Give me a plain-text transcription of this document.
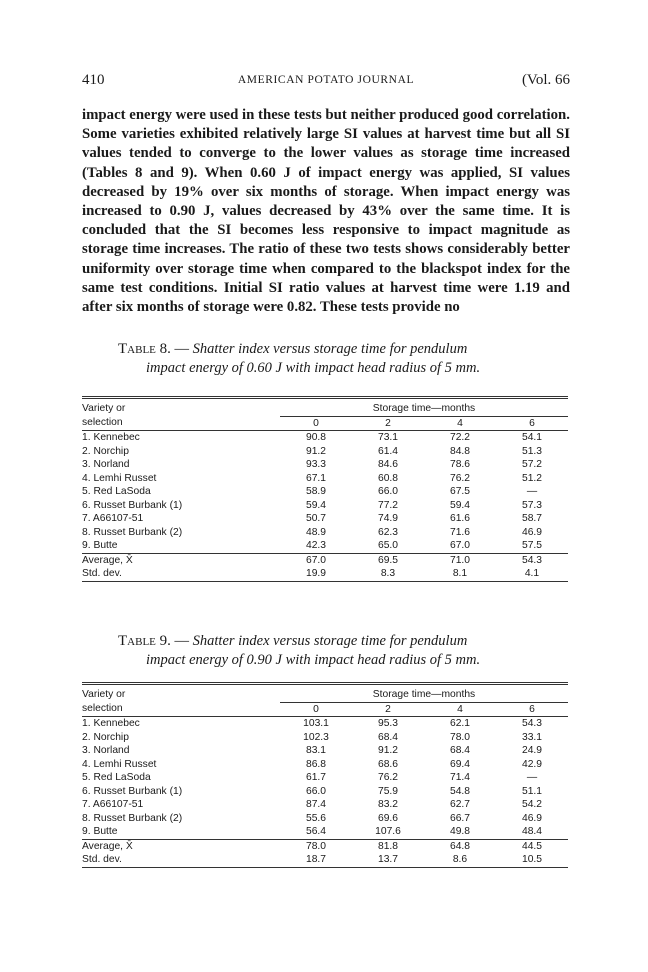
410	AMERICAN POTATO JOURNAL	(Vol. 66

impact energy were used in these tests but neither produced good correlation. Some varieties exhibited relatively large SI values at harvest time but all SI values tended to converge to the lower values as storage time increased (Tables 8 and 9). When 0.60 J of impact energy was applied, SI values decreased by 19% over six months of storage. When impact energy was increased to 0.90 J, values decreased by 43% over the same time. It is concluded that the SI becomes less responsive to impact magnitude as storage time increases. The ratio of these two tests shows considerably better uniformity over storage time when compared to the blackspot index for the same test conditions. Initial SI ratio values at harvest time were 1.19 and after six months of storage were 0.82. These tests provide no

Table 8. — Shatter index versus storage time for pendulum
impact energy of 0.60 J with impact head radius of 5 mm.
Variety or	Storage time—months			
selection	0	2	4	6
1. Kennebec	90.8	73.1	72.2	54.1
2. Norchip	91.2	61.4	84.8	51.3
3. Norland	93.3	84.6	78.6	57.2
4. Lemhi Russet	67.1	60.8	76.2	51.2
5. Red LaSoda	58.9	66.0	67.5	—
6. Russet Burbank (1)	59.4	77.2	59.4	57.3
7. A66107-51	50.7	74.9	61.6	58.7
8. Russet Burbank (2)	48.9	62.3	71.6	46.9
9. Butte	42.3	65.0	67.0	57.5
Average, X̄	67.0	69.5	71.0	54.3
Std. dev.	19.9	8.3	8.1	4.1
Table 9. — Shatter index versus storage time for pendulum
impact energy of 0.90 J with impact head radius of 5 mm.
Variety or	Storage time—months			
selection	0	2	4	6
1. Kennebec	103.1	95.3	62.1	54.3
2. Norchip	102.3	68.4	78.0	33.1
3. Norland	83.1	91.2	68.4	24.9
4. Lemhi Russet	86.8	68.6	69.4	42.9
5. Red LaSoda	61.7	76.2	71.4	—
6. Russet Burbank (1)	66.0	75.9	54.8	51.1
7. A66107-51	87.4	83.2	62.7	54.2
8. Russet Burbank (2)	55.6	69.6	66.7	46.9
9. Butte	56.4	107.6	49.8	48.4
Average, X̄	78.0	81.8	64.8	44.5
Std. dev.	18.7	13.7	8.6	10.5
